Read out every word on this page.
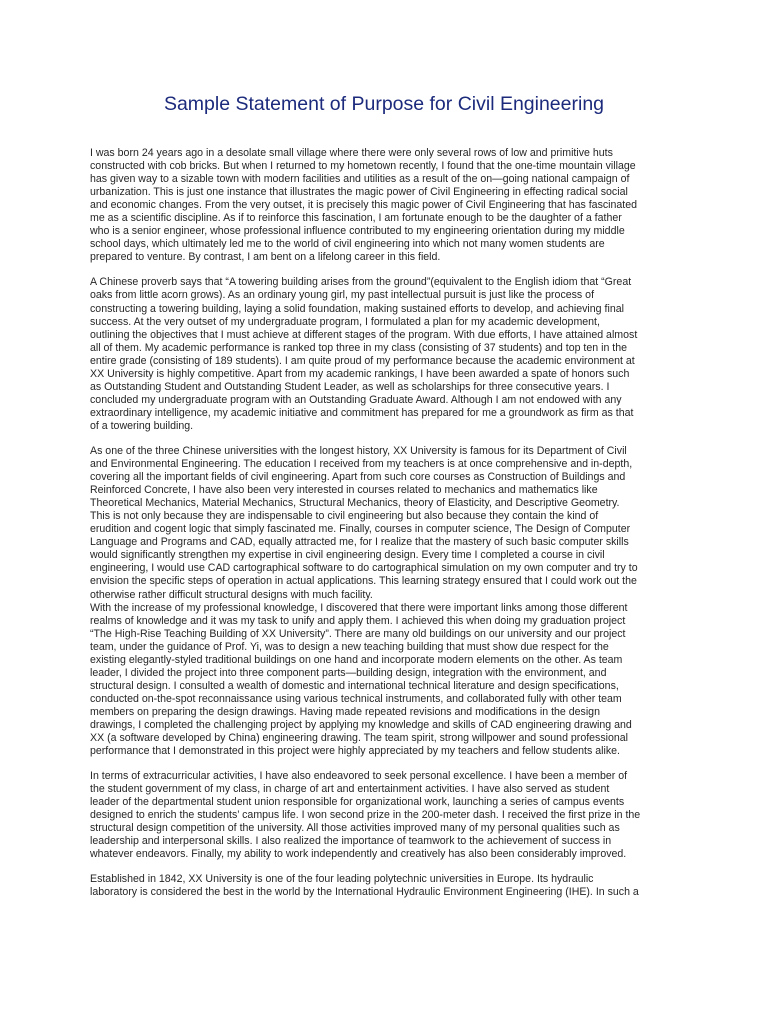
Sample Statement of Purpose for Civil Engineering
I was born 24 years ago in a desolate small village where there were only several rows of low and primitive huts
constructed with cob bricks. But when I returned to my hometown recently, I found that the one-time mountain village
has given way to a sizable town with modern facilities and utilities as a result of the on—going national campaign of
urbanization. This is just one instance that illustrates the magic power of Civil Engineering in effecting radical social
and economic changes. From the very outset, it is precisely this magic power of Civil Engineering that has fascinated
me as a scientific discipline. As if to reinforce this fascination, I am fortunate enough to be the daughter of a father
who is a senior engineer, whose professional influence contributed to my engineering orientation during my middle
school days, which ultimately led me to the world of civil engineering into which not many women students are
prepared to venture. By contrast, I am bent on a lifelong career in this field.
A Chinese proverb says that “A towering building arises from the ground”(equivalent to the English idiom that “Great
oaks from little acorn grows). As an ordinary young girl, my past intellectual pursuit is just like the process of
constructing a towering building, laying a solid foundation, making sustained efforts to develop, and achieving final
success. At the very outset of my undergraduate program, I formulated a plan for my academic development,
outlining the objectives that I must achieve at different stages of the program. With due efforts, I have attained almost
all of them. My academic performance is ranked top three in my class (consisting of 37 students) and top ten in the
entire grade (consisting of 189 students). I am quite proud of my performance because the academic environment at
XX University is highly competitive. Apart from my academic rankings, I have been awarded a spate of honors such
as Outstanding Student and Outstanding Student Leader, as well as scholarships for three consecutive years. I
concluded my undergraduate program with an Outstanding Graduate Award. Although I am not endowed with any
extraordinary intelligence, my academic initiative and commitment has prepared for me a groundwork as firm as that
of a towering building.
As one of the three Chinese universities with the longest history, XX University is famous for its Department of Civil
and Environmental Engineering. The education I received from my teachers is at once comprehensive and in-depth,
covering all the important fields of civil engineering. Apart from such core courses as Construction of Buildings and
Reinforced Concrete, I have also been very interested in courses related to mechanics and mathematics like
Theoretical Mechanics, Material Mechanics, Structural Mechanics, theory of Elasticity, and Descriptive Geometry.
This is not only because they are indispensable to civil engineering but also because they contain the kind of
erudition and cogent logic that simply fascinated me. Finally, courses in computer science, The Design of Computer
Language and Programs and CAD, equally attracted me, for I realize that the mastery of such basic computer skills
would significantly strengthen my expertise in civil engineering design. Every time I completed a course in civil
engineering, I would use CAD cartographical software to do cartographical simulation on my own computer and try to
envision the specific steps of operation in actual applications. This learning strategy ensured that I could work out the
otherwise rather difficult structural designs with much facility.
With the increase of my professional knowledge, I discovered that there were important links among those different
realms of knowledge and it was my task to unify and apply them. I achieved this when doing my graduation project
“The High-Rise Teaching Building of XX University”. There are many old buildings on our university and our project
team, under the guidance of Prof. Yi, was to design a new teaching building that must show due respect for the
existing elegantly-styled traditional buildings on one hand and incorporate modern elements on the other. As team
leader, I divided the project into three component parts—building design, integration with the environment, and
structural design. I consulted a wealth of domestic and international technical literature and design specifications,
conducted on-the-spot reconnaissance using various technical instruments, and collaborated fully with other team
members on preparing the design drawings. Having made repeated revisions and modifications in the design
drawings, I completed the challenging project by applying my knowledge and skills of CAD engineering drawing and
XX (a software developed by China) engineering drawing. The team spirit, strong willpower and sound professional
performance that I demonstrated in this project were highly appreciated by my teachers and fellow students alike.
In terms of extracurricular activities, I have also endeavored to seek personal excellence. I have been a member of
the student government of my class, in charge of art and entertainment activities. I have also served as student
leader of the departmental student union responsible for organizational work, launching a series of campus events
designed to enrich the students’ campus life. I won second prize in the 200-meter dash. I received the first prize in the
structural design competition of the university. All those activities improved many of my personal qualities such as
leadership and interpersonal skills. I also realized the importance of teamwork to the achievement of success in
whatever endeavors. Finally, my ability to work independently and creatively has also been considerably improved.
Established in 1842, XX University is one of the four leading polytechnic universities in Europe. Its hydraulic
laboratory is considered the best in the world by the International Hydraulic Environment Engineering (IHE). In such a
